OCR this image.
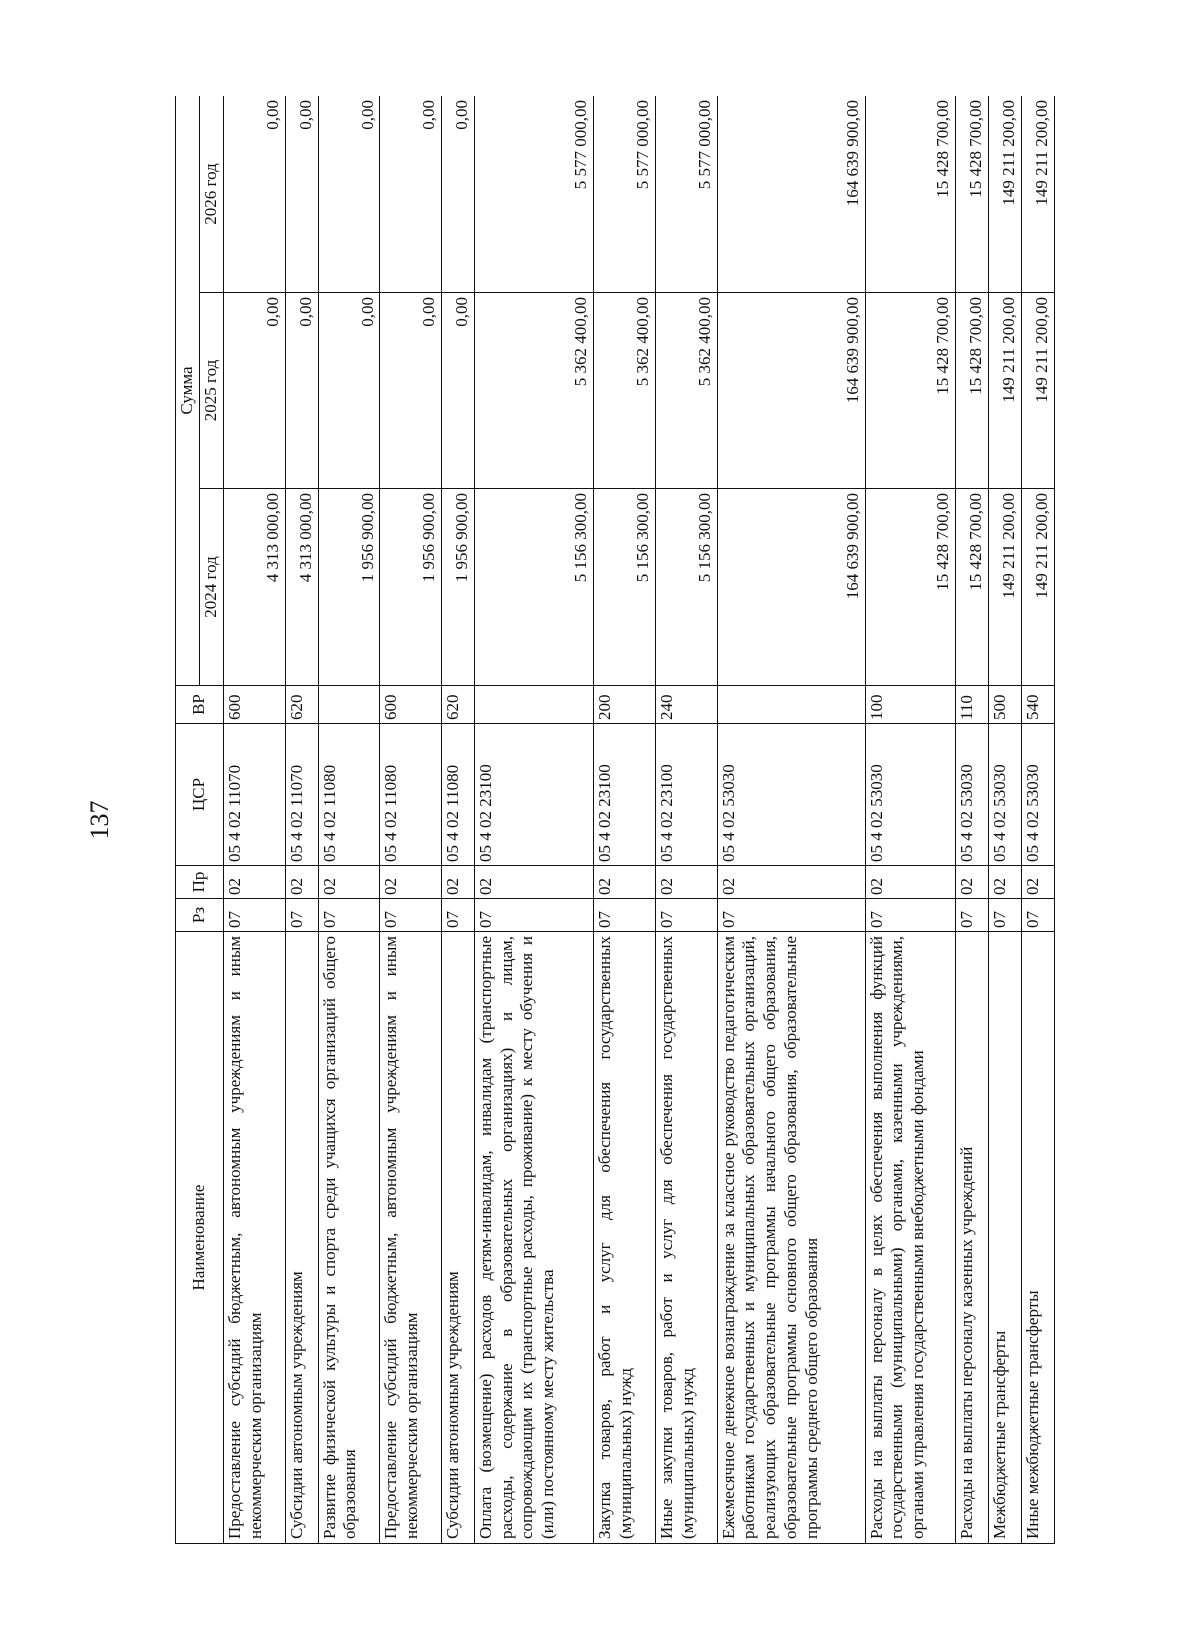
137
Наименование	Рз	Пр	ЦСР	ВР	Сумма		
					2024 год	2025 год	2026 год
Предоставление субсидий бюджетным, автономным учреждениям и иным некоммерческим организациям	07	02	05 4 02 11070	600	4 313 000,00	0,00	0,00
Субсидии автономным учреждениям	07	02	05 4 02 11070	620	4 313 000,00	0,00	0,00
Развитие физической культуры и спорта среди учащихся организаций общего образования	07	02	05 4 02 11080		1 956 900,00	0,00	0,00
Предоставление субсидий бюджетным, автономным учреждениям и иным некоммерческим организациям	07	02	05 4 02 11080	600	1 956 900,00	0,00	0,00
Субсидии автономным учреждениям	07	02	05 4 02 11080	620	1 956 900,00	0,00	0,00
Оплата (возмещение) расходов детям-инвалидам, инвалидам (транспортные расходы, содержание в образовательных организациях) и лицам, сопровождающим их (транспортные расходы, проживание) к месту обучения и (или) постоянному месту жительства	07	02	05 4 02 23100		5 156 300,00	5 362 400,00	5 577 000,00
Закупка товаров, работ и услуг для обеспечения государственных (муниципальных) нужд	07	02	05 4 02 23100	200	5 156 300,00	5 362 400,00	5 577 000,00
Иные закупки товаров, работ и услуг для обеспечения государственных (муниципальных) нужд	07	02	05 4 02 23100	240	5 156 300,00	5 362 400,00	5 577 000,00
Ежемесячное денежное вознаграждение за классное руководство педагогическим работникам государственных и муниципальных образовательных организаций, реализующих образовательные программы начального общего образования, образовательные программы основного общего образования, образовательные программы среднего общего образования	07	02	05 4 02 53030		164 639 900,00	164 639 900,00	164 639 900,00
Расходы на выплаты персоналу в целях обеспечения выполнения функций государственными (муниципальными) органами, казенными учреждениями, органами управления государственными внебюджетными фондами	07	02	05 4 02 53030	100	15 428 700,00	15 428 700,00	15 428 700,00
Расходы на выплаты персоналу казенных учреждений	07	02	05 4 02 53030	110	15 428 700,00	15 428 700,00	15 428 700,00
Межбюджетные трансферты	07	02	05 4 02 53030	500	149 211 200,00	149 211 200,00	149 211 200,00
Иные межбюджетные трансферты	07	02	05 4 02 53030	540	149 211 200,00	149 211 200,00	149 211 200,00
